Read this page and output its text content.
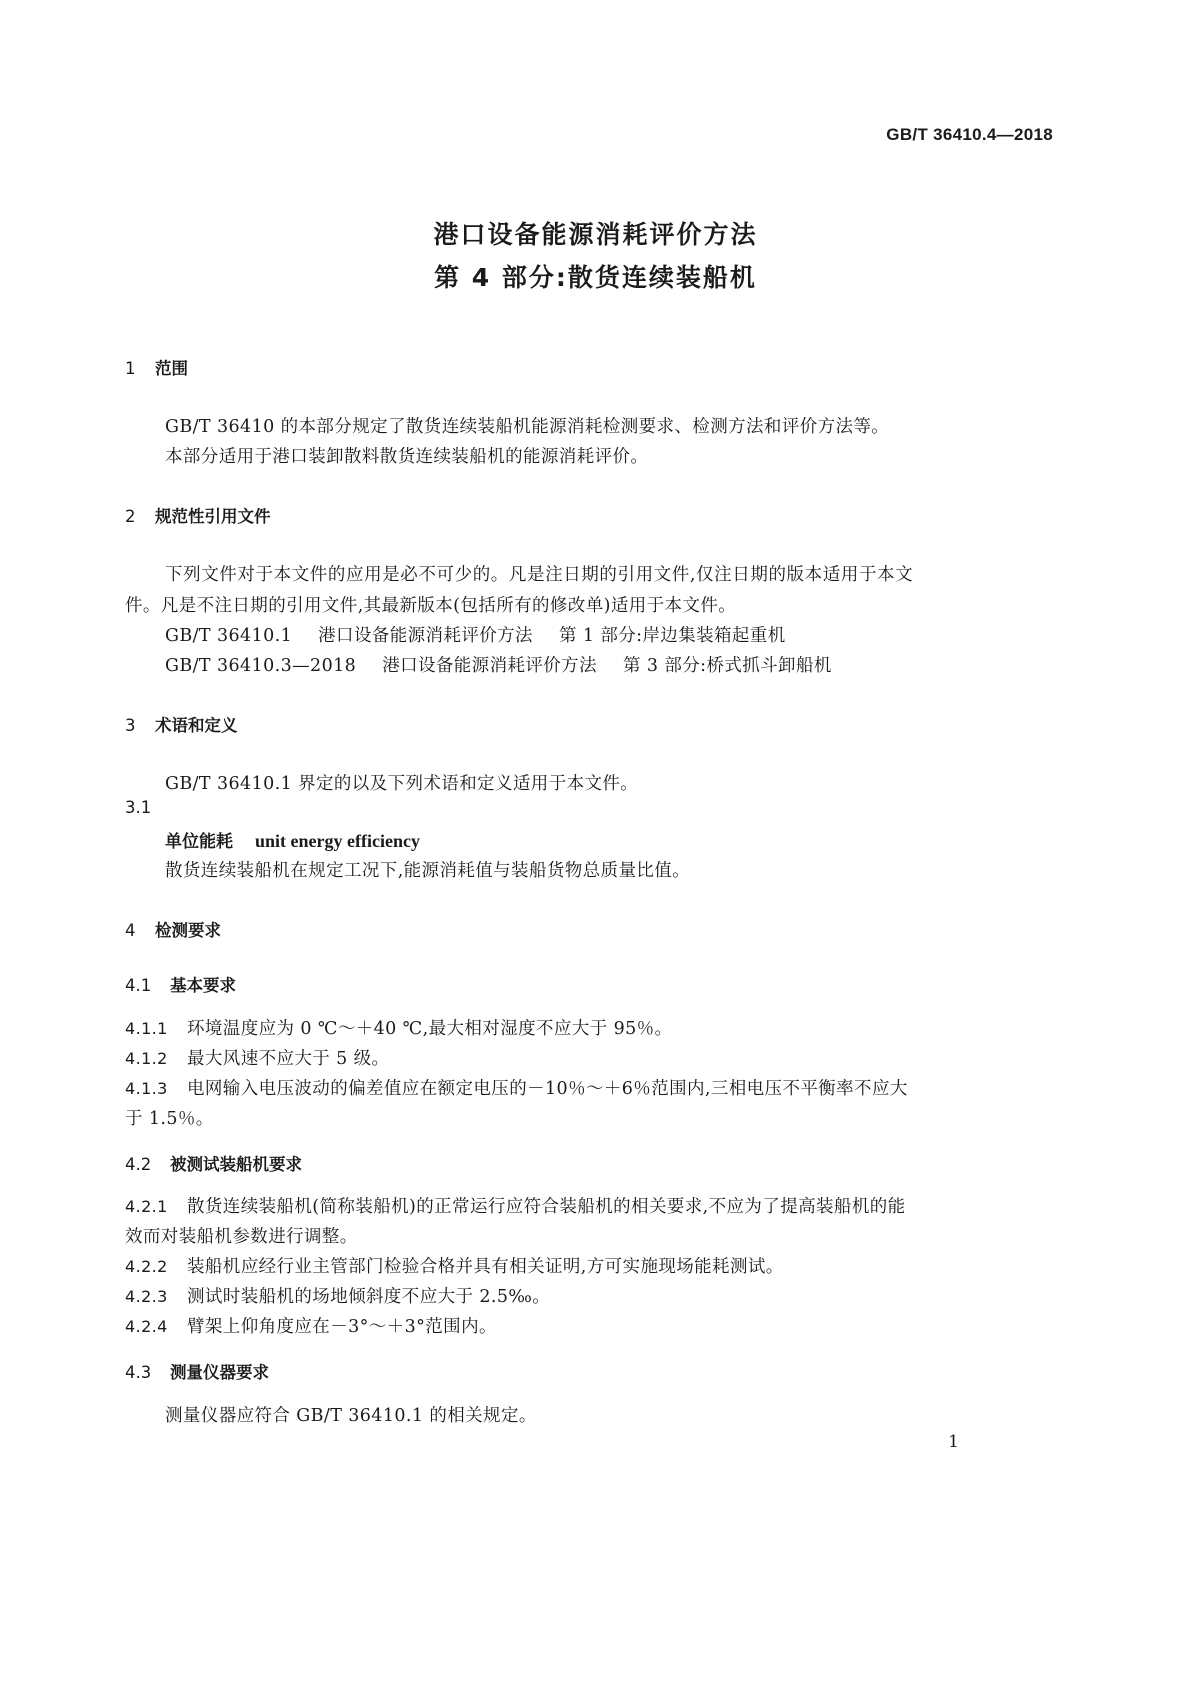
GB/T 36410.4—2018
港口设备能源消耗评价方法
第 4 部分:散货连续装船机
1 范围
GB/T 36410 的本部分规定了散货连续装船机能源消耗检测要求、检测方法和评价方法等。
本部分适用于港口装卸散料散货连续装船机的能源消耗评价。
2 规范性引用文件
下列文件对于本文件的应用是必不可少的。凡是注日期的引用文件,仅注日期的版本适用于本文
件。凡是不注日期的引用文件,其最新版本(包括所有的修改单)适用于本文件。
GB/T 36410.1 港口设备能源消耗评价方法 第 1 部分:岸边集装箱起重机
GB/T 36410.3—2018 港口设备能源消耗评价方法 第 3 部分:桥式抓斗卸船机
3 术语和定义
GB/T 36410.1 界定的以及下列术语和定义适用于本文件。
3.1
单位能耗 unit energy efficiency
散货连续装船机在规定工况下,能源消耗值与装船货物总质量比值。
4 检测要求
4.1 基本要求
4.1.1 环境温度应为 0 ℃～＋40 ℃,最大相对湿度不应大于 95％。
4.1.2 最大风速不应大于 5 级。
4.1.3 电网输入电压波动的偏差值应在额定电压的－10％～＋6％范围内,三相电压不平衡率不应大
于 1.5％。
4.2 被测试装船机要求
4.2.1 散货连续装船机(简称装船机)的正常运行应符合装船机的相关要求,不应为了提高装船机的能
效而对装船机参数进行调整。
4.2.2 装船机应经行业主管部门检验合格并具有相关证明,方可实施现场能耗测试。
4.2.3 测试时装船机的场地倾斜度不应大于 2.5‰。
4.2.4 臂架上仰角度应在－3°～＋3°范围内。
4.3 测量仪器要求
测量仪器应符合 GB/T 36410.1 的相关规定。
1
